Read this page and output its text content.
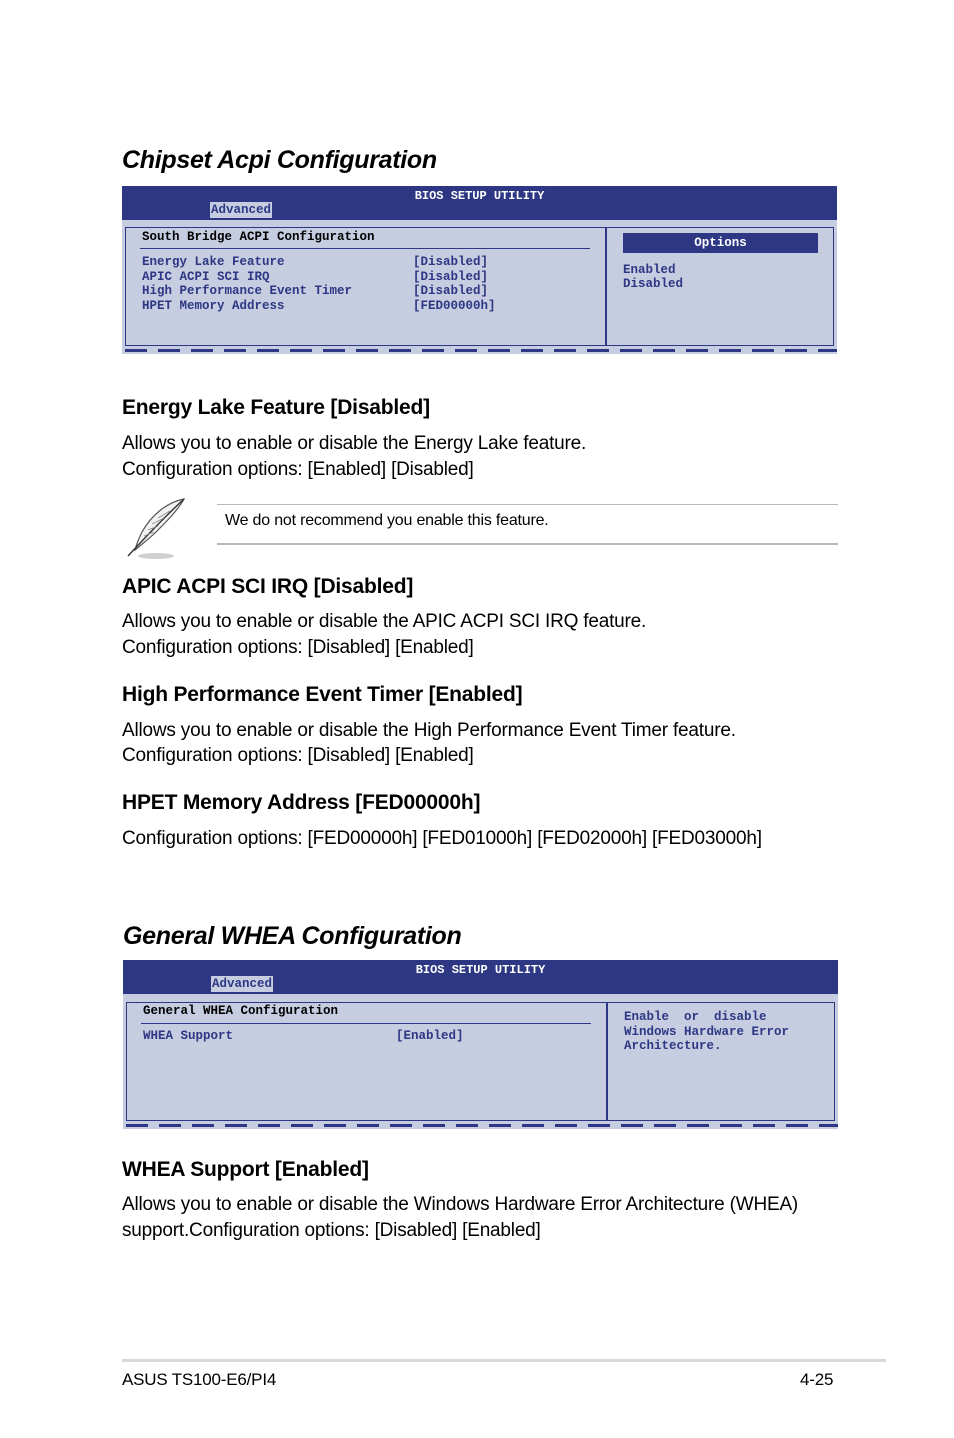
Chipset Acpi Configuration
BIOS SETUP UTILITY
Advanced
South Bridge ACPI Configuration
Energy Lake Feature	[Disabled]
APIC ACPI SCI IRQ	[Disabled]
High Performance Event Timer	[Disabled]
HPET Memory Address	[FED00000h]
Options
Enabled
Disabled
Energy Lake Feature [Disabled]
Allows you to enable or disable the Energy Lake feature.
Configuration options: [Enabled] [Disabled]
We do not recommend you enable this feature.
APIC ACPI SCI IRQ [Disabled]
Allows you to enable or disable the APIC ACPI SCI IRQ feature.
Configuration options: [Disabled] [Enabled]
High Performance Event Timer [Enabled]
Allows you to enable or disable the High Performance Event Timer feature.
Configuration options: [Disabled] [Enabled]
HPET Memory Address [FED00000h]
Configuration options: [FED00000h] [FED01000h] [FED02000h] [FED03000h]
General WHEA Configuration
BIOS SETUP UTILITY
Advanced
General WHEA Configuration
WHEA Support	[Enabled]
Enable  or  disable
Windows Hardware Error
Architecture.
WHEA Support [Enabled]
Allows you to enable or disable the Windows Hardware Error Architecture (WHEA)
support.Configuration options: [Disabled] [Enabled]
ASUS TS100-E6/PI4	4-25
